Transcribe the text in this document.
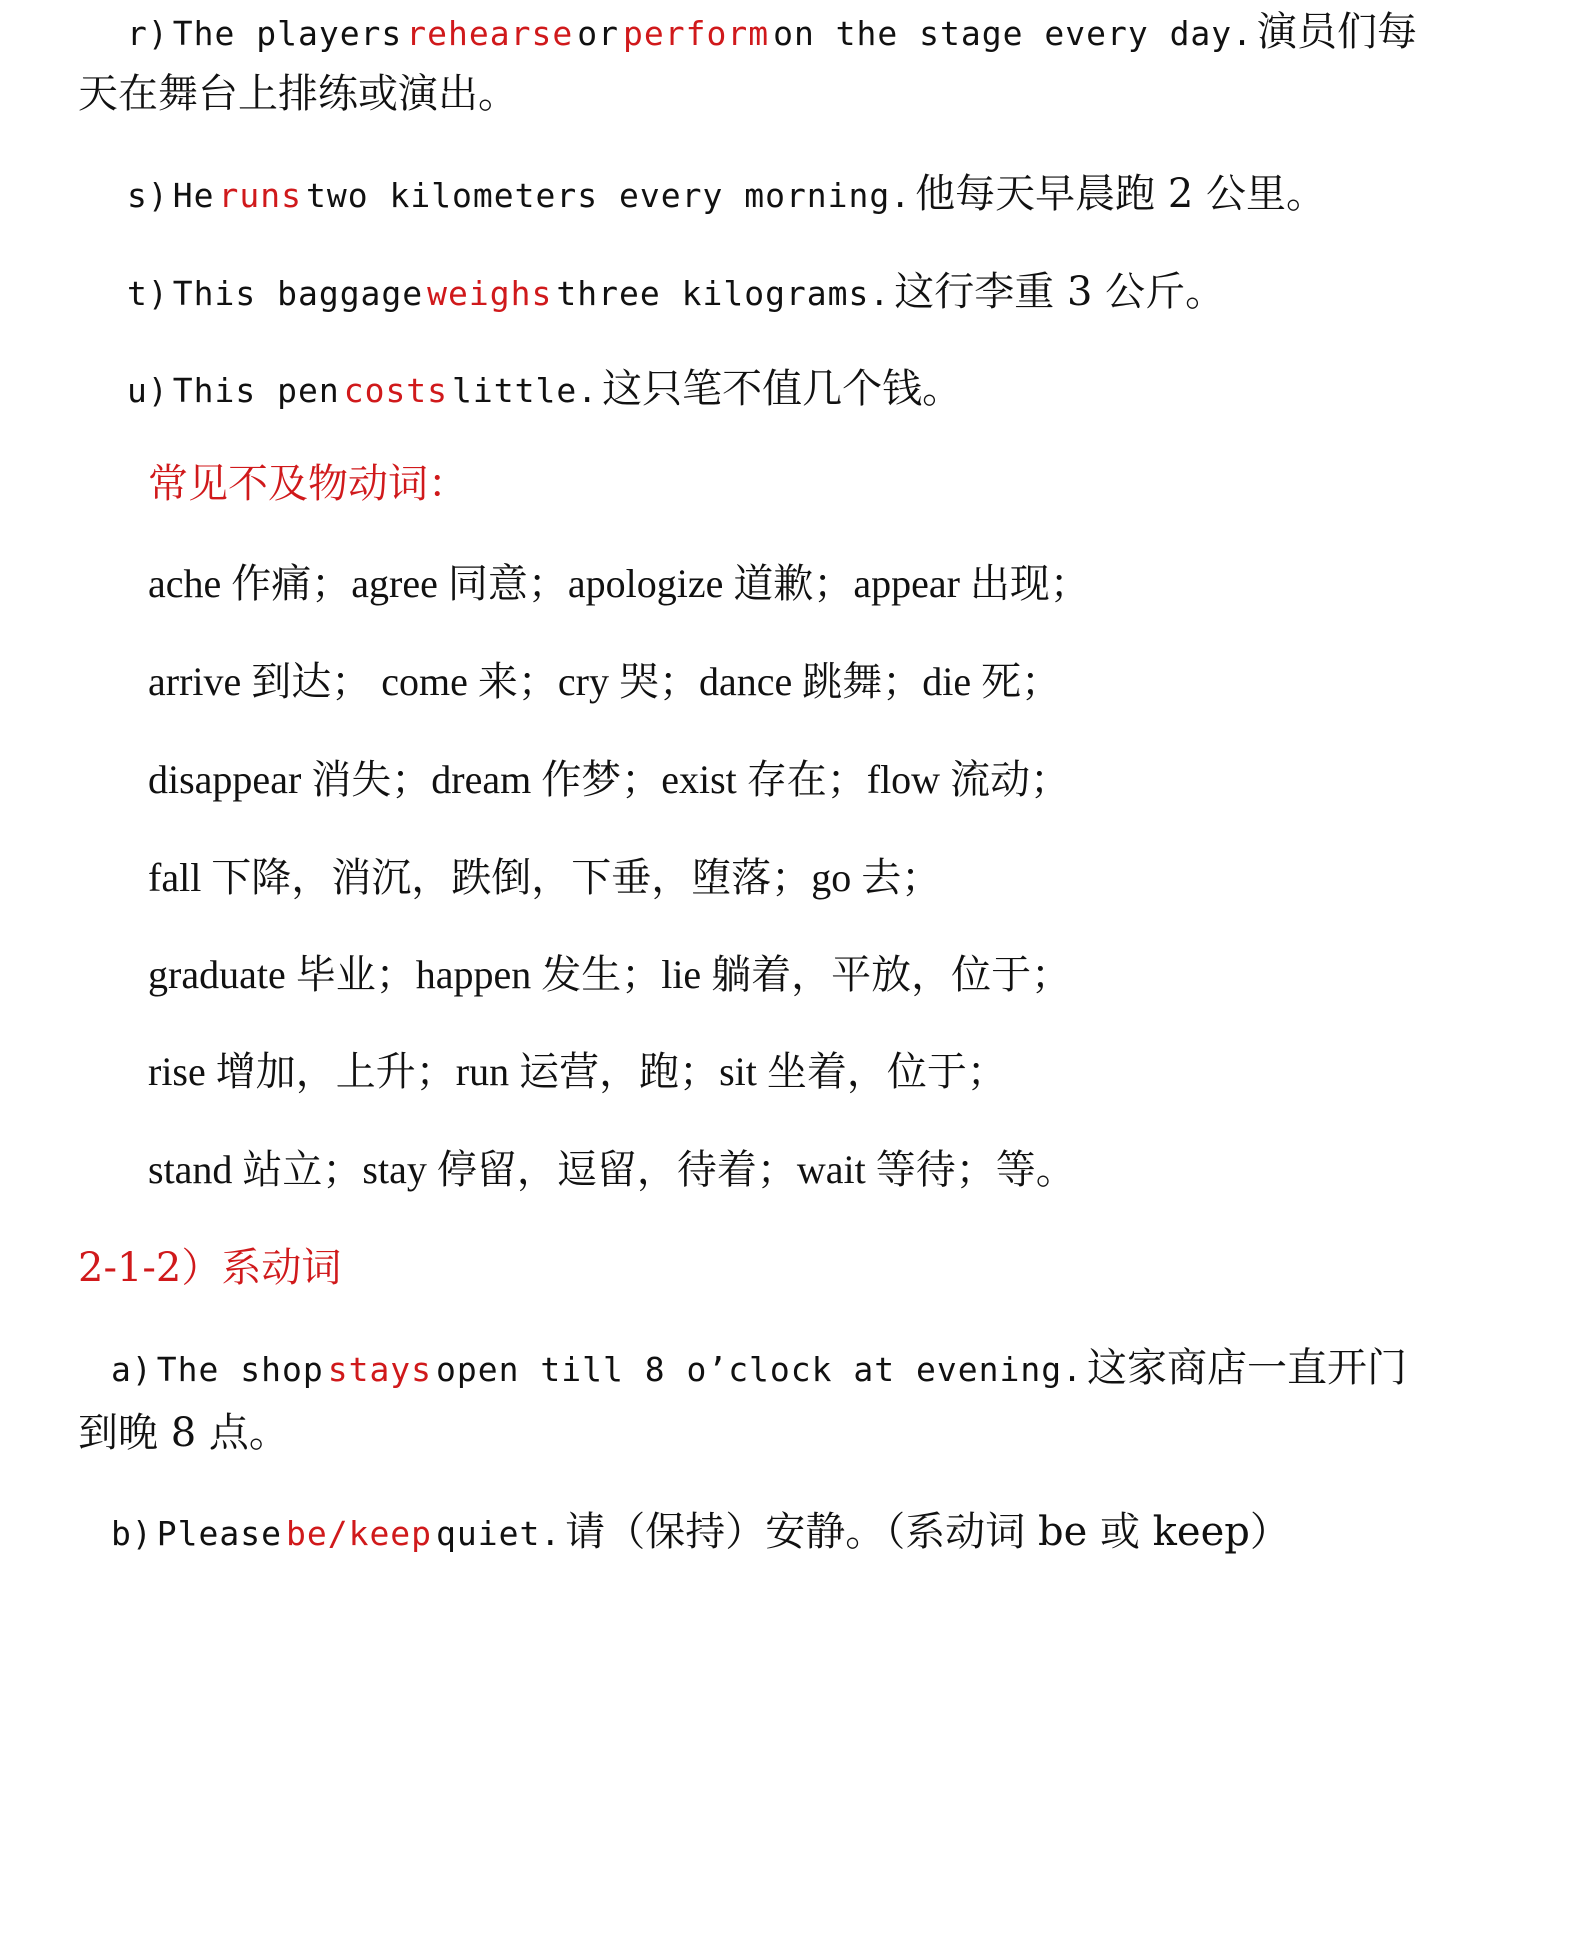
r) The players rehearse or perform on the stage every day. 演员们每
天在舞台上排练或演出。
s) He runs two kilometers every morning. 他每天早晨跑 2 公里。
t) This baggage weighs three kilograms. 这行李重 3 公斤。
u) This pen costs little. 这只笔不值几个钱。
常见不及物动词：
ache 作痛；agree 同意；apologize 道歉；appear 出现；
arrive 到达； come 来；cry 哭；dance 跳舞；die 死；
disappear 消失；dream 作梦；exist 存在；flow 流动；
fall 下降，消沉，跌倒，下垂，堕落；go 去；
graduate 毕业；happen 发生；lie 躺着，平放，位于；
rise 增加，上升；run 运营，跑；sit 坐着，位于；
stand 站立；stay 停留，逗留，待着；wait 等待；等。
2-1-2）系动词
a) The shop stays open till 8 o’clock at evening. 这家商店一直开门
到晚 8 点。
b) Please be/keep quiet. 请（保持）安静。（系动词 be 或 keep）
